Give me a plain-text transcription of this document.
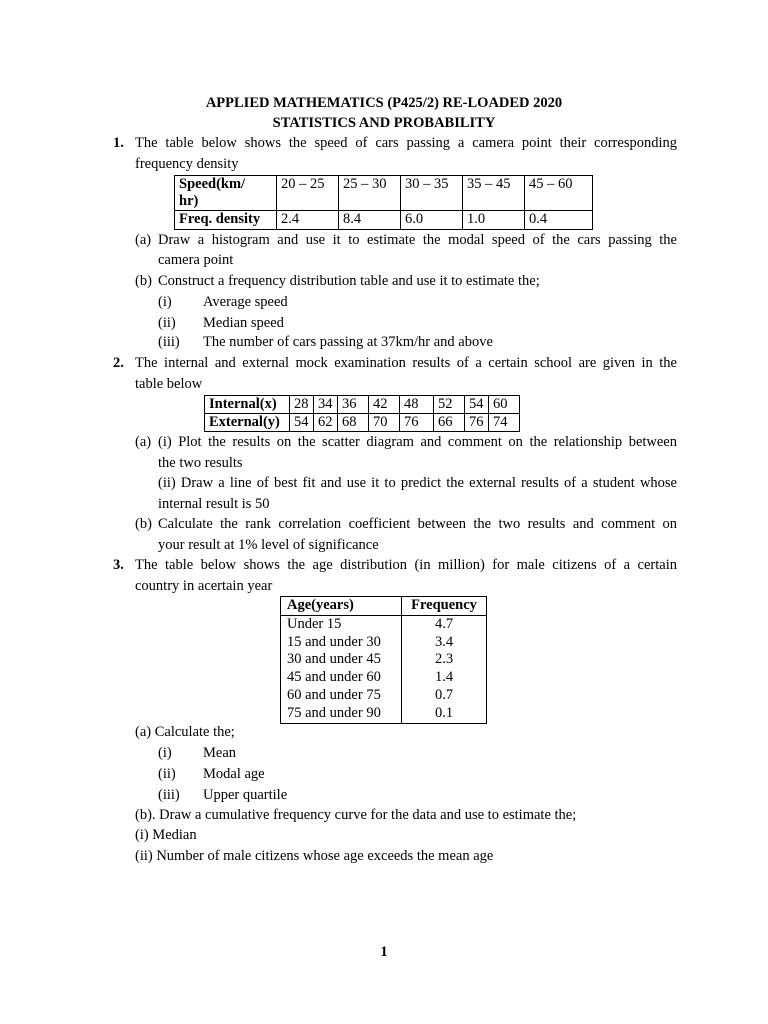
APPLIED MATHEMATICS (P425/2) RE-LOADED 2020
STATISTICS AND PROBABILITY
1. The table below shows the speed of cars passing a camera point their corresponding
frequency density
Speed(km/
hr)	20 – 25	25 – 30	30 – 35	35 – 45	45 – 60
Freq. density	2.4	8.4	6.0	1.0	0.4
(a) Draw a histogram and use it to estimate the modal speed of the cars passing the
camera point
(b) Construct a frequency distribution table and use it to estimate the;
(i) Average speed
(ii) Median speed
(iii) The number of cars passing at 37km/hr and above
2. The internal and external mock examination results of a certain school are given in the
table below
Internal(x)	28	34	36	42	48	52	54	60
External(y)	54	62	68	70	76	66	76	74
(a) (i) Plot the results on the scatter diagram and comment on the relationship between
the two results
(ii) Draw a line of best fit and use it to predict the external results of a student whose
internal result is 50
(b) Calculate the rank correlation coefficient between the two results and comment on
your result at 1% level of significance
3. The table below shows the age distribution (in million) for male citizens of a certain
country in acertain year
Age(years)	Frequency
Under 15	4.7
15 and under 30	3.4
30 and under 45	2.3
45 and under 60	1.4
60 and under 75	0.7
75 and under 90	0.1
(a) Calculate the;
(i) Mean
(ii) Modal age
(iii) Upper quartile
(b). Draw a cumulative frequency curve for the data and use to estimate the;
(i) Median
(ii) Number of male citizens whose age exceeds the mean age
1
